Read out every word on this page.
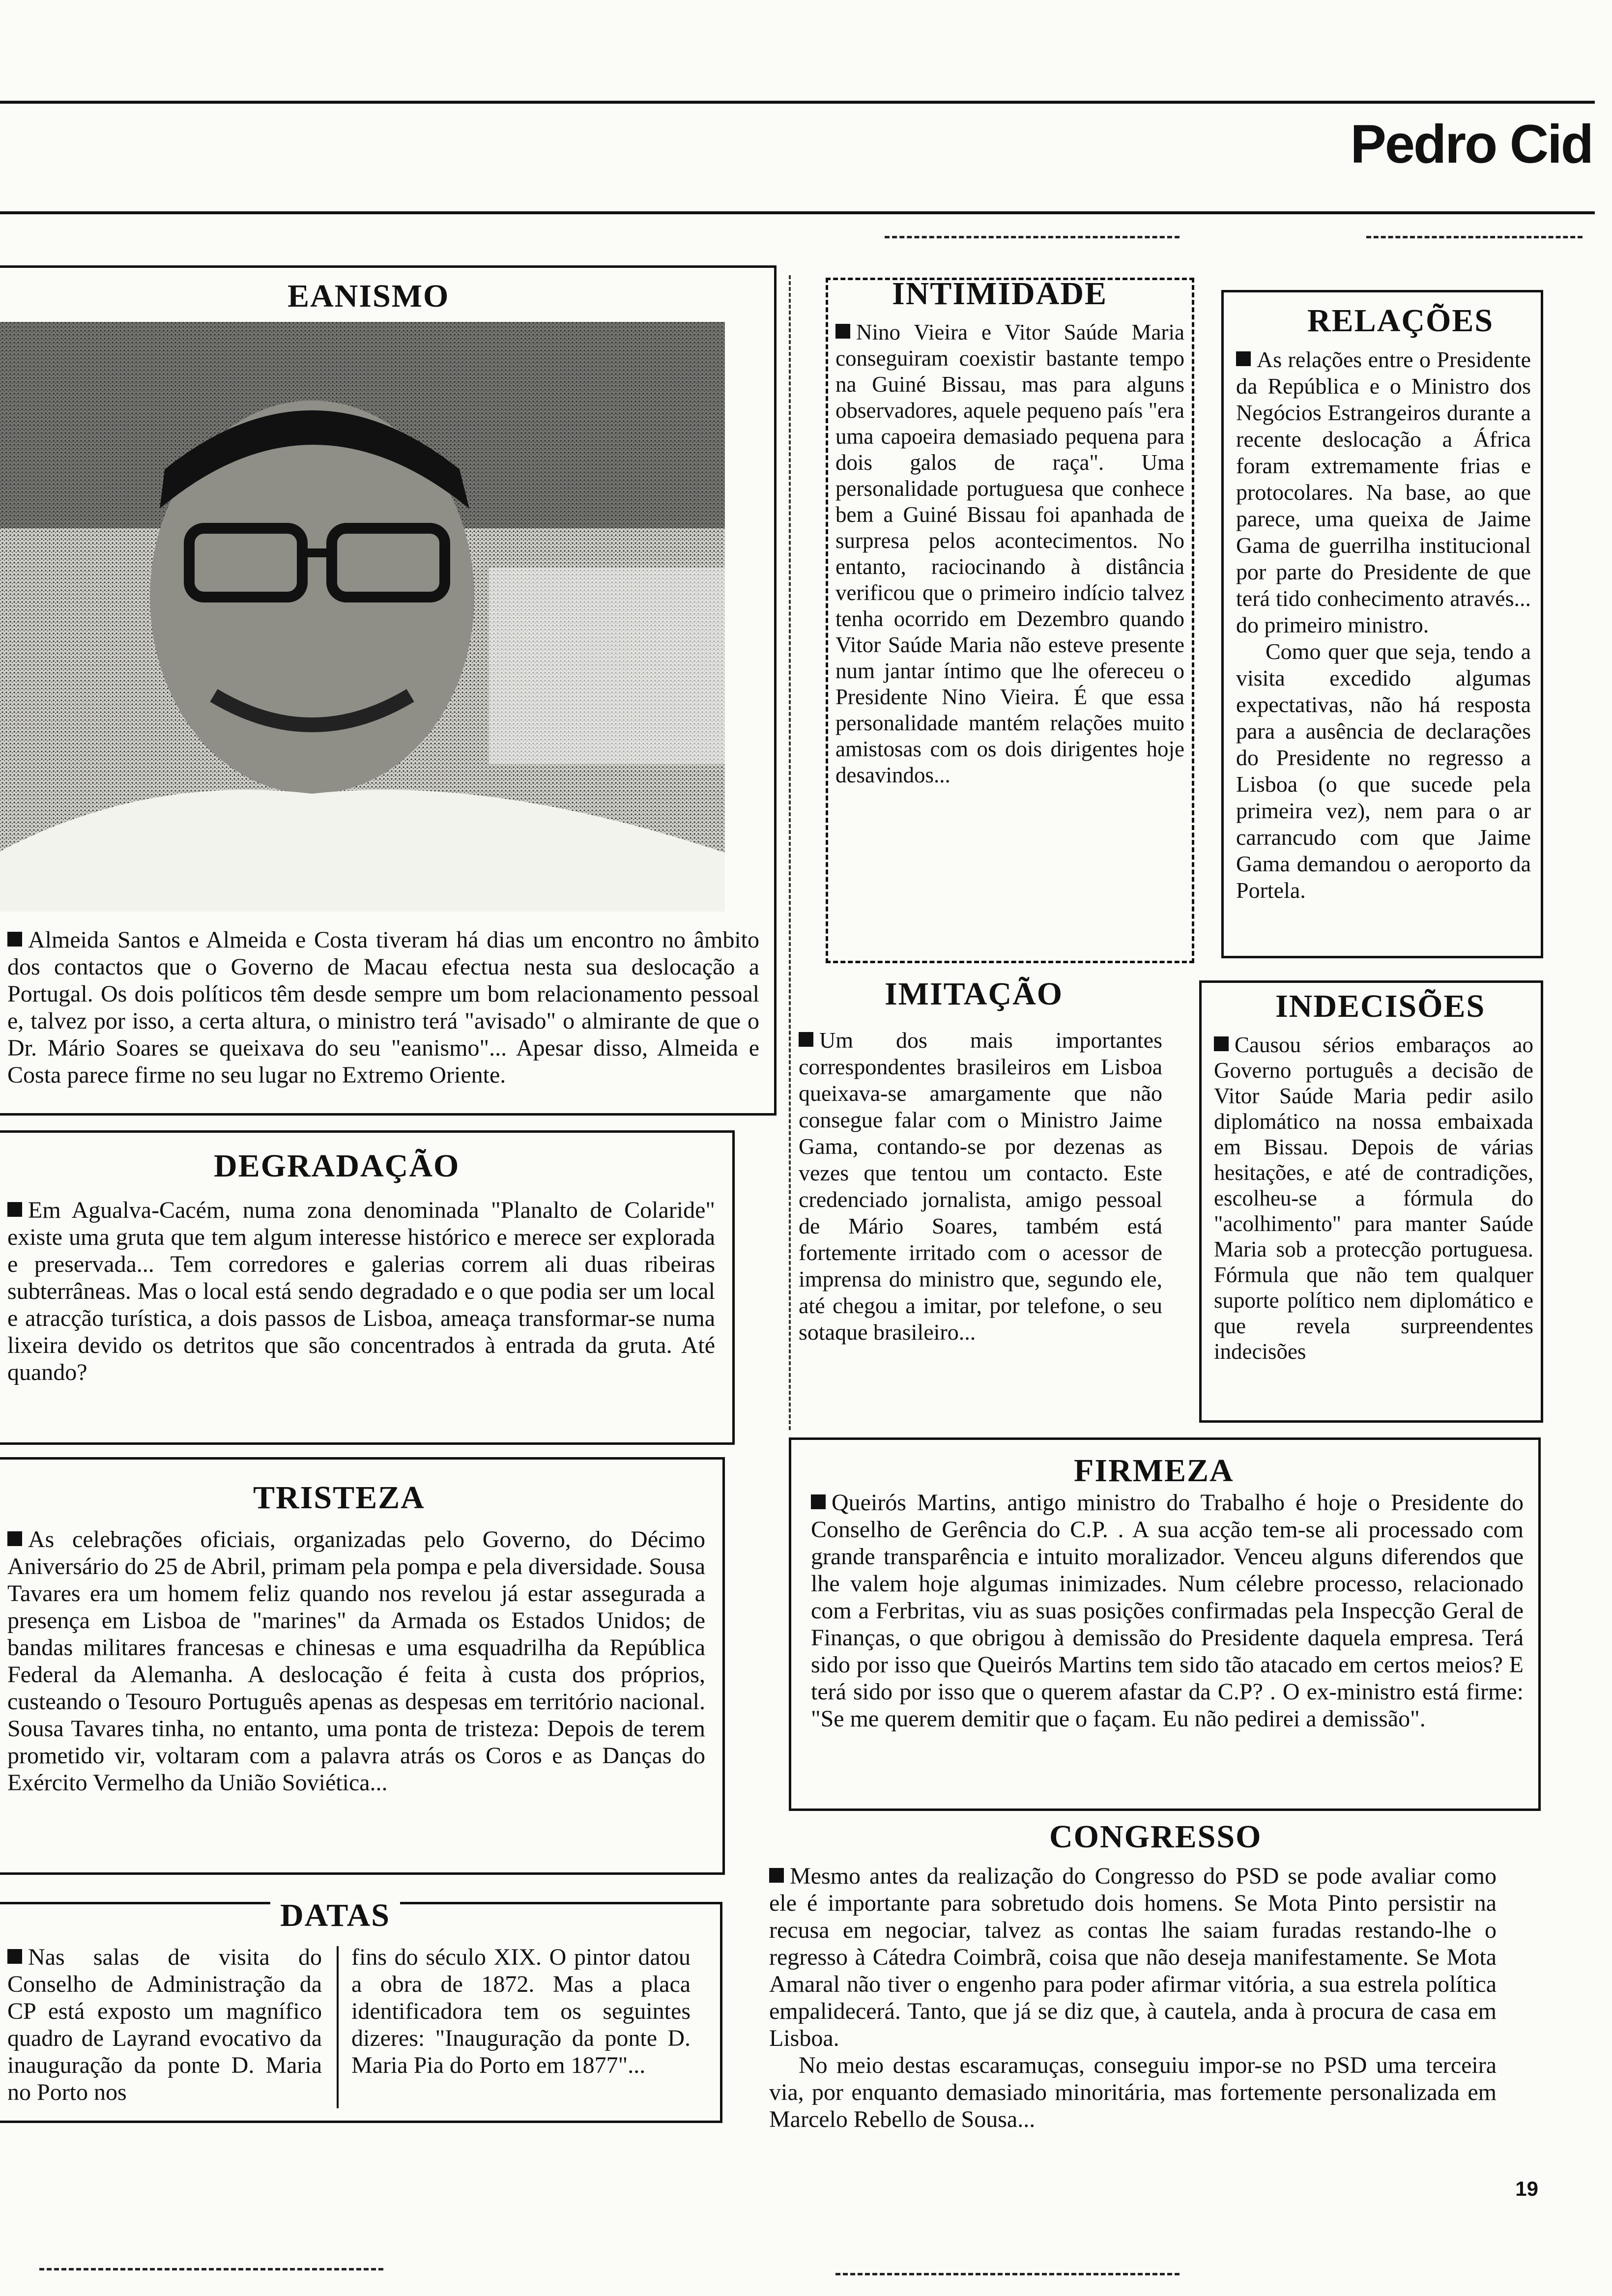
Pedro Cid
EANISMO
Almeida Santos e Almeida e Costa tiveram há dias um encontro no âmbito dos contactos que o Governo de Macau efectua nesta sua deslocação a Portugal. Os dois políticos têm desde sempre um bom relacionamento pessoal e, talvez por isso, a certa altura, o ministro terá "avisado" o almirante de que o Dr. Mário Soares se queixava do seu "eanismo"... Apesar disso, Almeida e Costa parece firme no seu lugar no Extremo Oriente.
DEGRADAÇÃO
Em Agualva-Cacém, numa zona denominada "Planalto de Colaride" existe uma gruta que tem algum interesse histórico e merece ser explorada e preservada... Tem corredores e galerias correm ali duas ribeiras subterrâneas. Mas o local está sendo degradado e o que podia ser um local e atracção turística, a dois passos de Lisboa, ameaça transformar-se numa lixeira devido os detritos que são concentrados à entrada da gruta. Até quando?
TRISTEZA
As celebrações oficiais, organizadas pelo Governo, do Décimo Aniversário do 25 de Abril, primam pela pompa e pela diversidade. Sousa Tavares era um homem feliz quando nos revelou já estar assegurada a presença em Lisboa de "marines" da Armada os Estados Unidos; de bandas militares francesas e chinesas e uma esquadrilha da República Federal da Alemanha. A deslocação é feita à custa dos próprios, custeando o Tesouro Português apenas as despesas em território nacional. Sousa Tavares tinha, no entanto, uma ponta de tristeza: Depois de terem prometido vir, voltaram com a palavra atrás os Coros e as Danças do Exército Vermelho da União Soviética...
DATAS
Nas salas de visita do Conselho de Administração da CP está exposto um magnífico quadro de Layrand evocativo da inauguração da ponte D. Maria no Porto nos
fins do século XIX. O pintor datou a obra de 1872. Mas a placa identificadora tem os seguintes dizeres: "Inauguração da ponte D. Maria Pia do Porto em 1877"...
INTIMIDADE
Nino Vieira e Vitor Saúde Maria conseguiram coexistir bastante tempo na Guiné Bissau, mas para alguns observadores, aquele pequeno país "era uma capoeira demasiado pequena para dois galos de raça". Uma personalidade portuguesa que conhece bem a Guiné Bissau foi apanhada de surpresa pelos acontecimentos. No entanto, raciocinando à distância verificou que o primeiro indício talvez tenha ocorrido em Dezembro quando Vitor Saúde Maria não esteve presente num jantar íntimo que lhe ofereceu o Presidente Nino Vieira. É que essa personalidade mantém relações muito amistosas com os dois dirigentes hoje desavindos...
IMITAÇÃO
Um dos mais importantes correspondentes brasileiros em Lisboa queixava-se amargamente que não consegue falar com o Ministro Jaime Gama, contando-se por dezenas as vezes que tentou um contacto. Este credenciado jornalista, amigo pessoal de Mário Soares, também está fortemente irritado com o acessor de imprensa do ministro que, segundo ele, até chegou a imitar, por telefone, o seu sotaque brasileiro...
RELAÇÕES
As relações entre o Presidente da República e o Ministro dos Negócios Estrangeiros durante a recente deslocação a África foram extremamente frias e protocolares. Na base, ao que parece, uma queixa de Jaime Gama de guerrilha institucional por parte do Presidente de que terá tido conhecimento através... do primeiro ministro.
Como quer que seja, tendo a visita excedido algumas expectativas, não há resposta para a ausência de declarações do Presidente no regresso a Lisboa (o que sucede pela primeira vez), nem para o ar carrancudo com que Jaime Gama demandou o aeroporto da Portela.
INDECISÕES
Causou sérios embaraços ao Governo português a decisão de Vitor Saúde Maria pedir asilo diplomático na nossa embaixada em Bissau. Depois de várias hesitações, e até de contradições, escolheu-se a fórmula do "acolhimento" para manter Saúde Maria sob a protecção portuguesa. Fórmula que não tem qualquer suporte político nem diplomático e que revela surpreendentes indecisões
FIRMEZA
Queirós Martins, antigo ministro do Trabalho é hoje o Presidente do Conselho de Gerência do C.P. . A sua acção tem-se ali processado com grande transparência e intuito moralizador. Venceu alguns diferendos que lhe valem hoje algumas inimizades. Num célebre processo, relacionado com a Ferbritas, viu as suas posições confirmadas pela Inspecção Geral de Finanças, o que obrigou à demissão do Presidente daquela empresa. Terá sido por isso que Queirós Martins tem sido tão atacado em certos meios? E terá sido por isso que o querem afastar da C.P? . O ex-ministro está firme: "Se me querem demitir que o façam. Eu não pedirei a demissão".
CONGRESSO
Mesmo antes da realização do Congresso do PSD se pode avaliar como ele é importante para sobretudo dois homens. Se Mota Pinto persistir na recusa em negociar, talvez as contas lhe saiam furadas restando-lhe o regresso à Cátedra Coimbrã, coisa que não deseja manifestamente. Se Mota Amaral não tiver o engenho para poder afirmar vitória, a sua estrela política empalidecerá. Tanto, que já se diz que, à cautela, anda à procura de casa em Lisboa.
No meio destas escaramuças, conseguiu impor-se no PSD uma terceira via, por enquanto demasiado minoritária, mas fortemente personalizada em Marcelo Rebello de Sousa...
19
